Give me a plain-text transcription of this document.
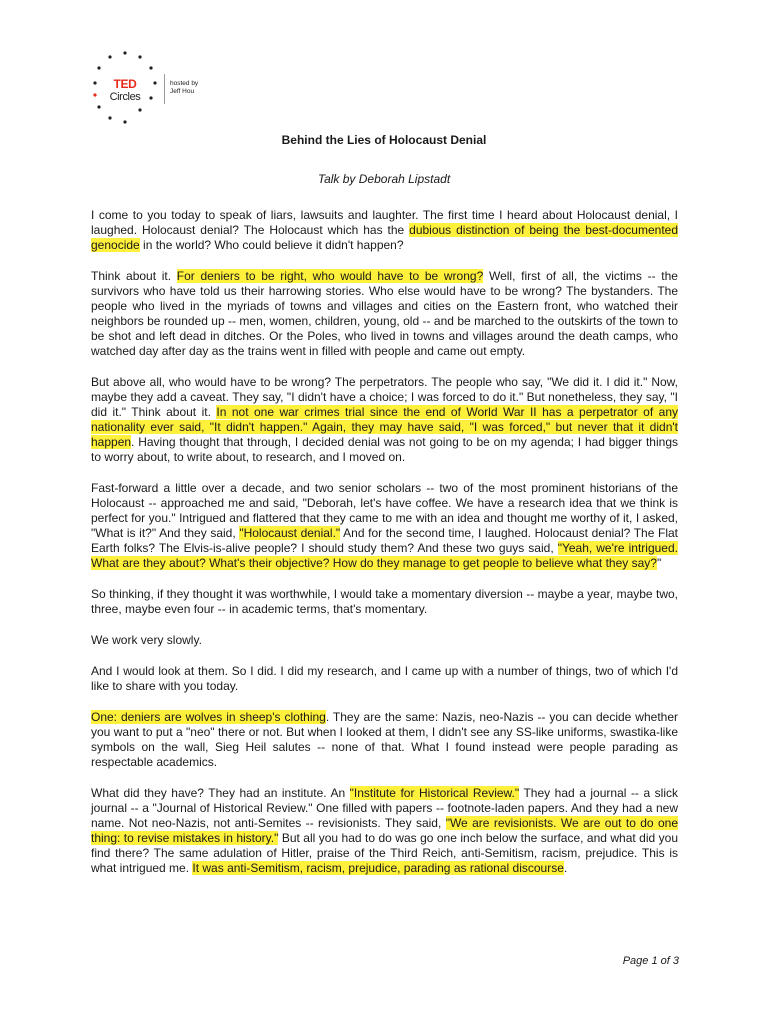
TED
Circles
hosted by
Jeff Hou
Behind the Lies of Holocaust Denial
Talk by Deborah Lipstadt

I come to you today to speak of liars, lawsuits and laughter. The first time I heard about Holocaust denial, I laughed. Holocaust denial? The Holocaust which has the dubious distinction of being the best-documented genocide in the world? Who could believe it didn't happen?

Think about it. For deniers to be right, who would have to be wrong? Well, first of all, the victims -- the survivors who have told us their harrowing stories. Who else would have to be wrong? The bystanders. The people who lived in the myriads of towns and villages and cities on the Eastern front, who watched their neighbors be rounded up -- men, women, children, young, old -- and be marched to the outskirts of the town to be shot and left dead in ditches. Or the Poles, who lived in towns and villages around the death camps, who watched day after day as the trains went in filled with people and came out empty.

But above all, who would have to be wrong? The perpetrators. The people who say, "We did it. I did it." Now, maybe they add a caveat. They say, "I didn't have a choice; I was forced to do it." But nonetheless, they say, "I did it." Think about it. In not one war crimes trial since the end of World War II has a perpetrator of any nationality ever said, "It didn't happen." Again, they may have said, "I was forced," but never that it didn't happen. Having thought that through, I decided denial was not going to be on my agenda; I had bigger things to worry about, to write about, to research, and I moved on.

Fast-forward a little over a decade, and two senior scholars -- two of the most prominent historians of the Holocaust -- approached me and said, "Deborah, let's have coffee. We have a research idea that we think is perfect for you." Intrigued and flattered that they came to me with an idea and thought me worthy of it, I asked, "What is it?" And they said, "Holocaust denial." And for the second time, I laughed. Holocaust denial? The Flat Earth folks? The Elvis-is-alive people? I should study them? And these two guys said, "Yeah, we're intrigued. What are they about? What's their objective? How do they manage to get people to believe what they say?"

So thinking, if they thought it was worthwhile, I would take a momentary diversion -- maybe a year, maybe two, three, maybe even four -- in academic terms, that's momentary.

We work very slowly.

And I would look at them. So I did. I did my research, and I came up with a number of things, two of which I'd like to share with you today.

One: deniers are wolves in sheep's clothing. They are the same: Nazis, neo-Nazis -- you can decide whether you want to put a "neo" there or not. But when I looked at them, I didn't see any SS-like uniforms, swastika-like symbols on the wall, Sieg Heil salutes -- none of that. What I found instead were people parading as respectable academics.

What did they have? They had an institute. An "Institute for Historical Review." They had a journal -- a slick journal -- a "Journal of Historical Review." One filled with papers -- footnote-laden papers. And they had a new name. Not neo-Nazis, not anti-Semites -- revisionists. They said, "We are revisionists. We are out to do one thing: to revise mistakes in history." But all you had to do was go one inch below the surface, and what did you find there? The same adulation of Hitler, praise of the Third Reich, anti-Semitism, racism, prejudice. This is what intrigued me. It was anti-Semitism, racism, prejudice, parading as rational discourse.

Page 1 of 3
